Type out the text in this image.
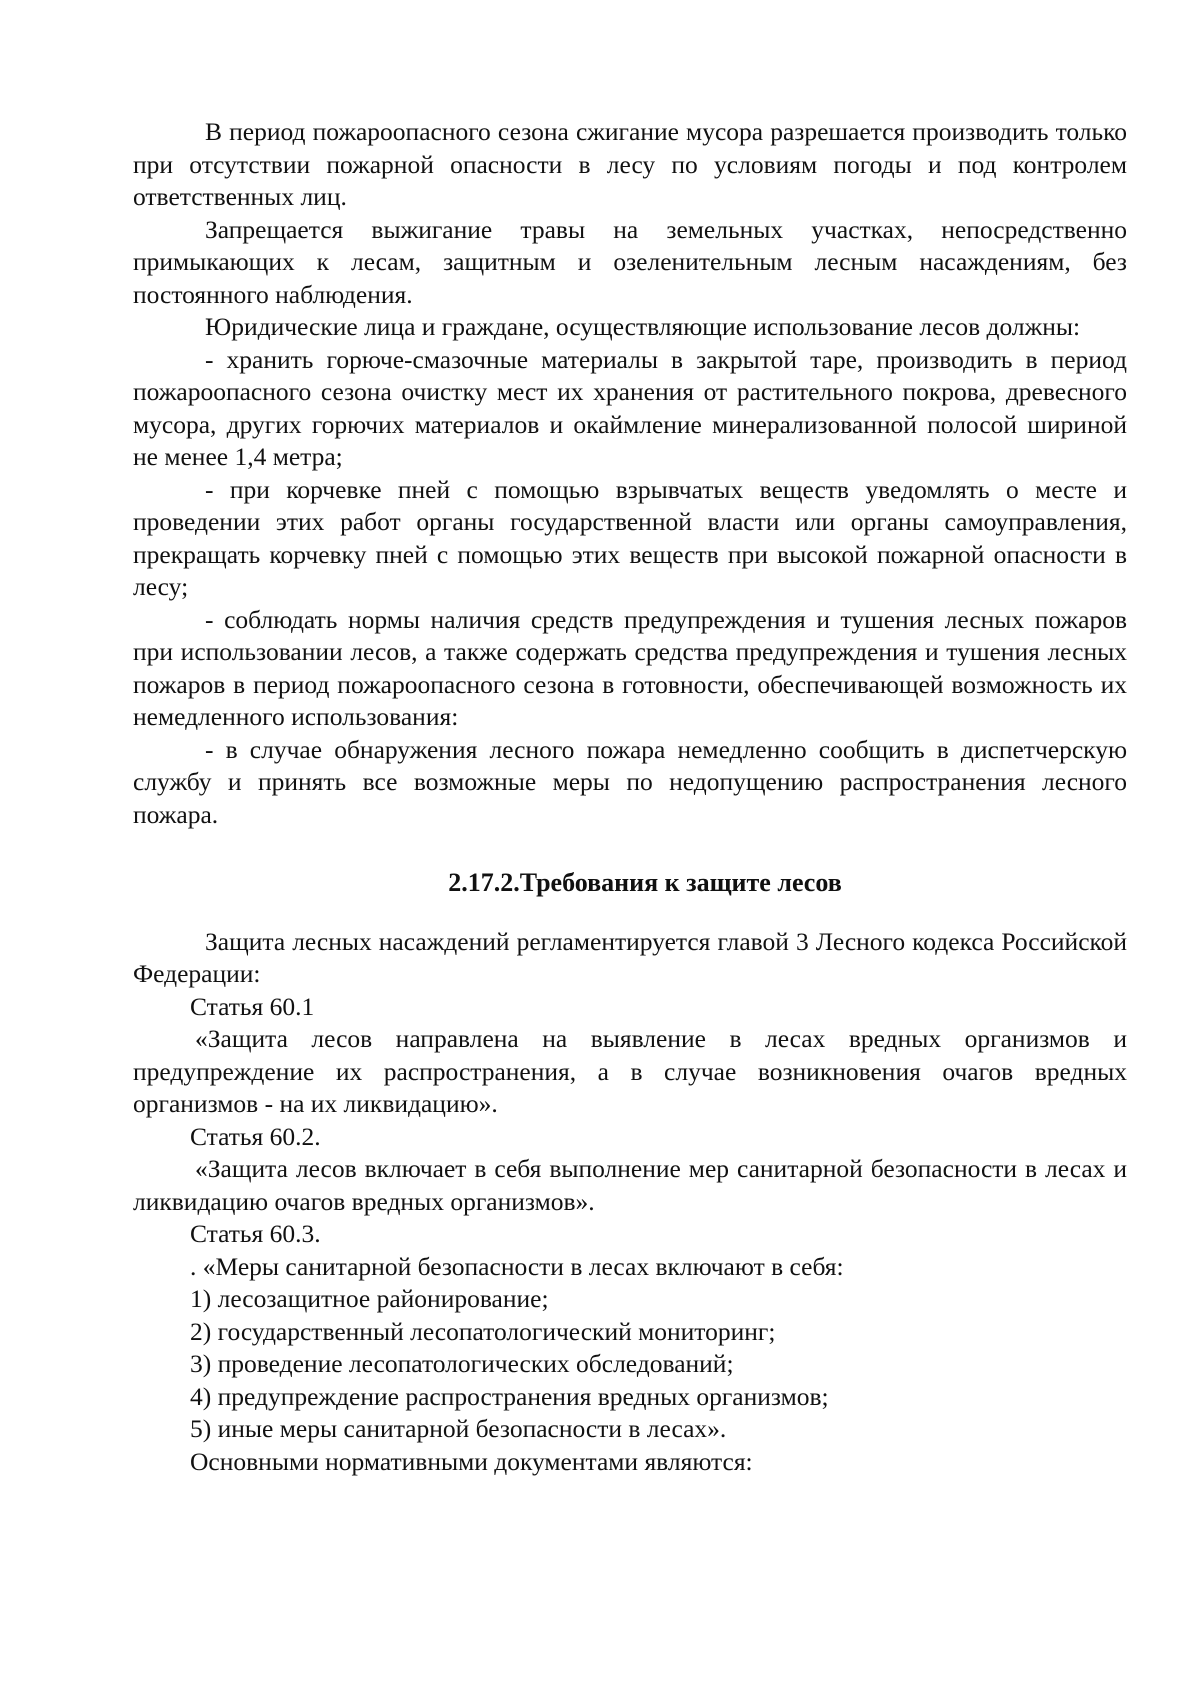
В период пожароопасного сезона сжигание мусора разрешается производить только при отсутствии пожарной опасности в лесу по условиям погоды и под контролем ответственных лиц.

Запрещается выжигание травы на земельных участках, непосредственно примыкающих к лесам, защитным и озеленительным лесным насаждениям, без постоянного наблюдения.

Юридические лица и граждане, осуществляющие использование лесов должны:

- хранить горюче-смазочные материалы в закрытой таре, производить в период пожароопасного сезона очистку мест их хранения от растительного покрова, древесного мусора, других горючих материалов и окаймление минерализованной полосой шириной не менее 1,4 метра;

- при корчевке пней с помощью взрывчатых веществ уведомлять о месте и проведении этих работ органы государственной власти или органы самоуправления, прекращать корчевку пней с помощью этих веществ при высокой пожарной опасности в лесу;

- соблюдать нормы наличия средств предупреждения и тушения лесных пожаров при использовании лесов, а также содержать средства предупреждения и тушения лесных пожаров в период пожароопасного сезона в готовности, обеспечивающей возможность их немедленного использования:

- в случае обнаружения лесного пожара немедленно сообщить в диспетчерскую службу и принять все возможные меры по недопущению распространения лесного пожара.

2.17.2.Требования к защите лесов

Защита лесных насаждений регламентируется главой 3 Лесного кодекса Российской Федерации:

Статья 60.1

«Защита лесов направлена на выявление в лесах вредных организмов и предупреждение их распространения, а в случае возникновения очагов вредных организмов - на их ликвидацию».

Статья 60.2.

«Защита лесов включает в себя выполнение мер санитарной безопасности в лесах и ликвидацию очагов вредных организмов».

Статья 60.3.

. «Меры санитарной безопасности в лесах включают в себя:

1) лесозащитное районирование;

2) государственный лесопатологический мониторинг;

3) проведение лесопатологических обследований;

4) предупреждение распространения вредных организмов;

5) иные меры санитарной безопасности в лесах».

Основными нормативными документами являются:
